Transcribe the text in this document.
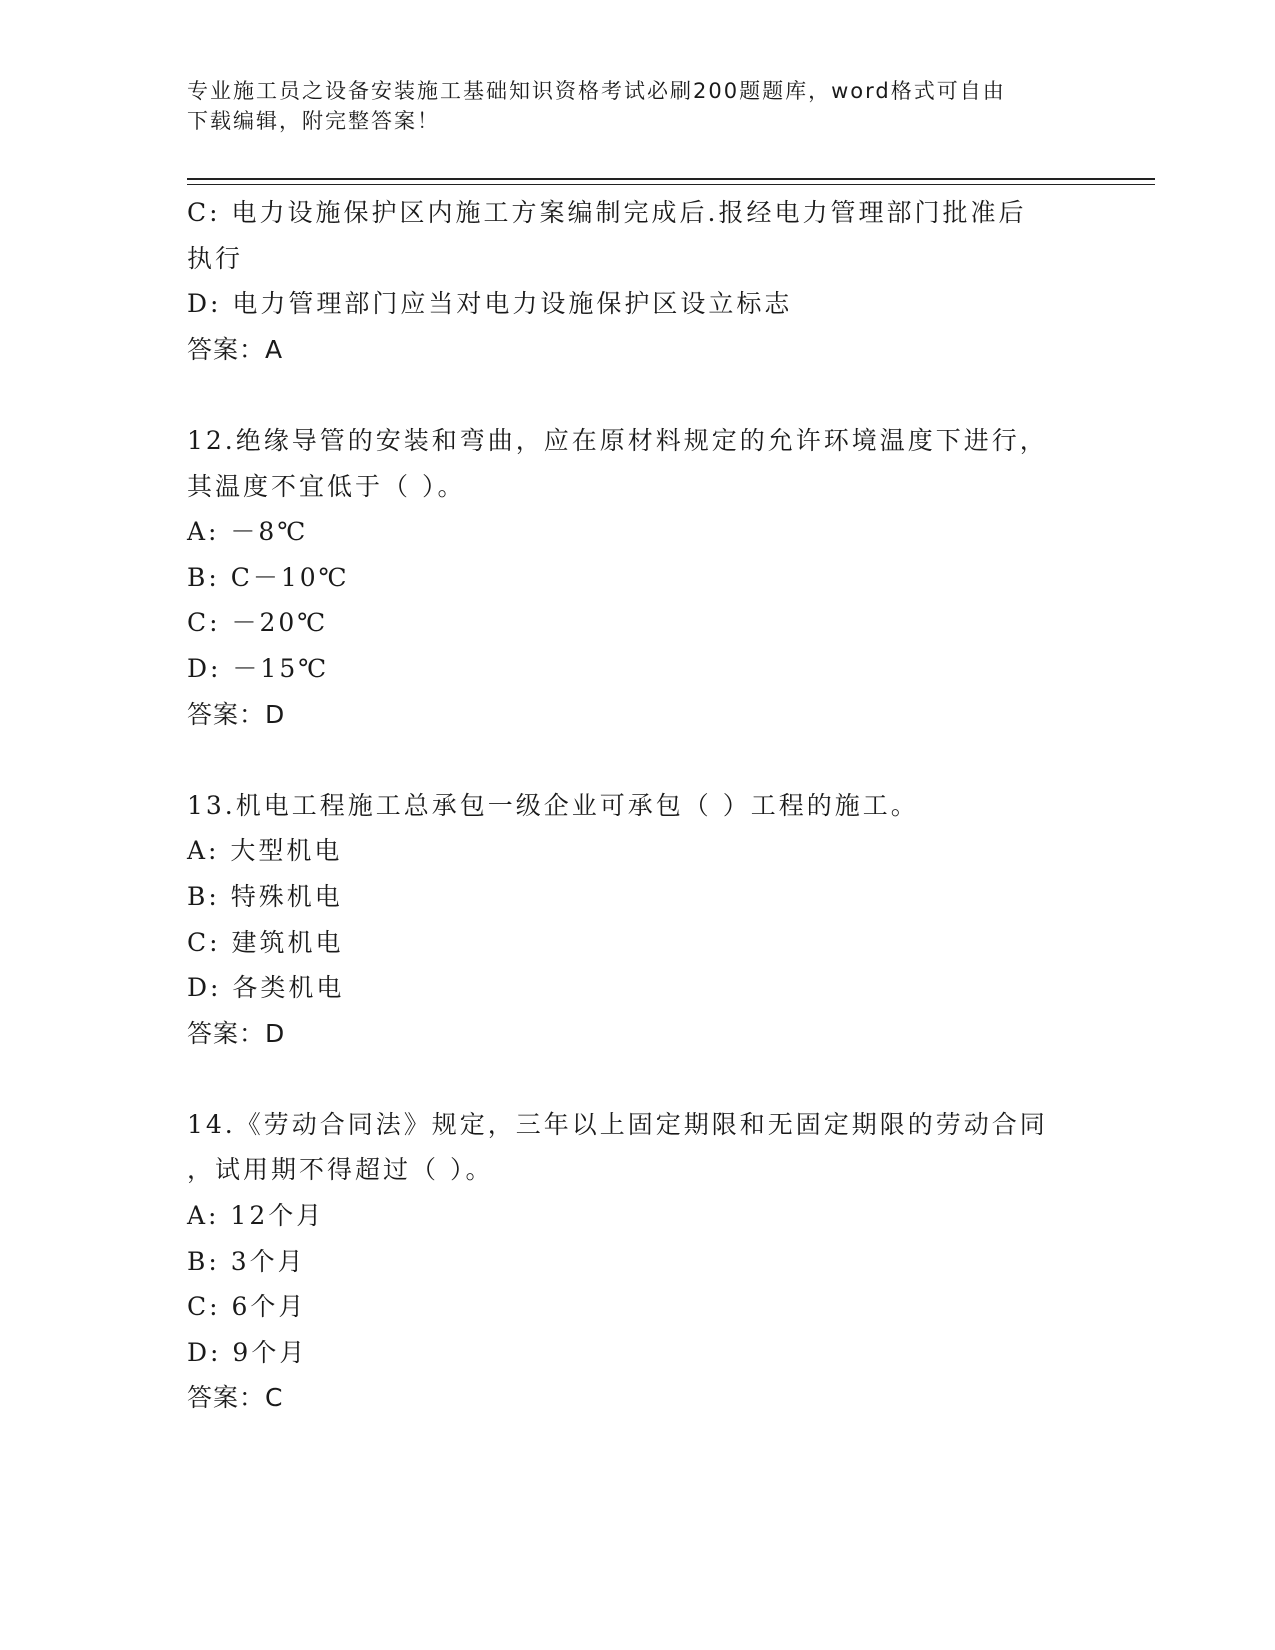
专业施工员之设备安装施工基础知识资格考试必刷200题题库，word格式可自由
下载编辑，附完整答案！
C: 电力设施保护区内施工方案编制完成后.报经电力管理部门批准后
执行
D: 电力管理部门应当对电力设施保护区设立标志
答案：A
12.绝缘导管的安装和弯曲，应在原材料规定的允许环境温度下进行，
其温度不宜低于（ ）。
A: －8℃
B: C－10℃
C: －20℃
D: －15℃
答案：D
13.机电工程施工总承包一级企业可承包（ ）工程的施工。
A: 大型机电
B: 特殊机电
C: 建筑机电
D: 各类机电
答案：D
14.《劳动合同法》规定，三年以上固定期限和无固定期限的劳动合同
，试用期不得超过（ ）。
A: 12个月
B: 3个月
C: 6个月
D: 9个月
答案：C
